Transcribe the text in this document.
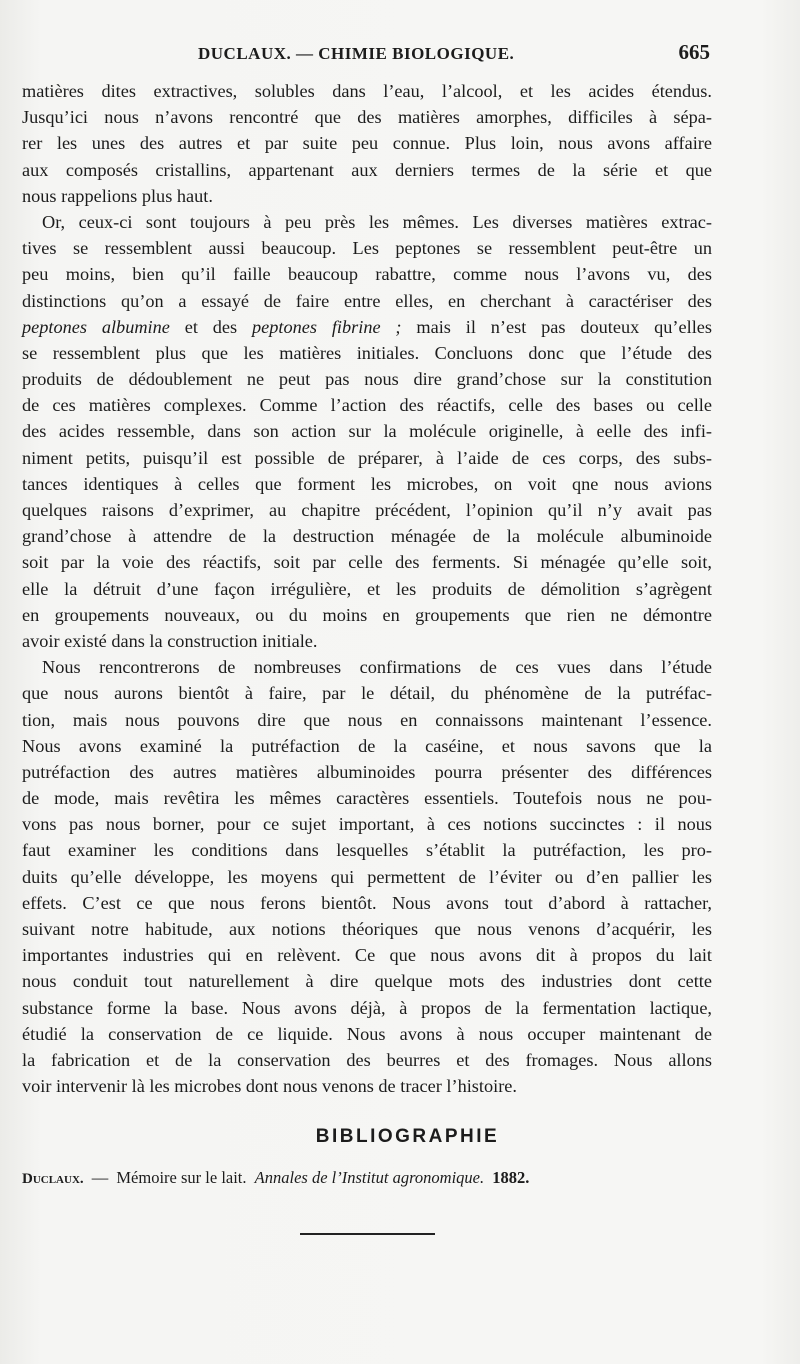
DUCLAUX. — CHIMIE BIOLOGIQUE.	665
matières dites extractives, solubles dans l’eau, l’alcool, et les acides étendus.
Jusqu’ici nous n’avons rencontré que des matières amorphes, difficiles à sépa-
rer les unes des autres et par suite peu connue. Plus loin, nous avons affaire
aux composés cristallins, appartenant aux derniers termes de la série et que
nous rappelions plus haut.
Or, ceux-ci sont toujours à peu près les mêmes. Les diverses matières extrac-
tives se ressemblent aussi beaucoup. Les peptones se ressemblent peut-être un
peu moins, bien qu’il faille beaucoup rabattre, comme nous l’avons vu, des
distinctions qu’on a essayé de faire entre elles, en cherchant à caractériser des
peptones albumine et des peptones fibrine ; mais il n’est pas douteux qu’elles
se ressemblent plus que les matières initiales. Concluons donc que l’étude des
produits de dédoublement ne peut pas nous dire grand’chose sur la constitution
de ces matières complexes. Comme l’action des réactifs, celle des bases ou celle
des acides ressemble, dans son action sur la molécule originelle, à eelle des infi-
niment petits, puisqu’il est possible de préparer, à l’aide de ces corps, des subs-
tances identiques à celles que forment les microbes, on voit qne nous avions
quelques raisons d’exprimer, au chapitre précédent, l’opinion qu’il n’y avait pas
grand’chose à attendre de la destruction ménagée de la molécule albuminoide
soit par la voie des réactifs, soit par celle des ferments. Si ménagée qu’elle soit,
elle la détruit d’une façon irrégulière, et les produits de démolition s’agrègent
en groupements nouveaux, ou du moins en groupements que rien ne démontre
avoir existé dans la construction initiale.
Nous rencontrerons de nombreuses confirmations de ces vues dans l’étude
que nous aurons bientôt à faire, par le détail, du phénomène de la putréfac-
tion, mais nous pouvons dire que nous en connaissons maintenant l’essence.
Nous avons examiné la putréfaction de la caséine, et nous savons que la
putréfaction des autres matières albuminoides pourra présenter des différences
de mode, mais revêtira les mêmes caractères essentiels. Toutefois nous ne pou-
vons pas nous borner, pour ce sujet important, à ces notions succinctes : il nous
faut examiner les conditions dans lesquelles s’établit la putréfaction, les pro-
duits qu’elle développe, les moyens qui permettent de l’éviter ou d’en pallier les
effets. C’est ce que nous ferons bientôt. Nous avons tout d’abord à rattacher,
suivant notre habitude, aux notions théoriques que nous venons d’acquérir, les
importantes industries qui en relèvent. Ce que nous avons dit à propos du lait
nous conduit tout naturellement à dire quelque mots des industries dont cette
substance forme la base. Nous avons déjà, à propos de la fermentation lactique,
étudié la conservation de ce liquide. Nous avons à nous occuper maintenant de
la fabrication et de la conservation des beurres et des fromages. Nous allons
voir intervenir là les microbes dont nous venons de tracer l’histoire.
BIBLIOGRAPHIE
Duclaux. — Mémoire sur le lait. Annales de l’Institut agronomique. 1882.
